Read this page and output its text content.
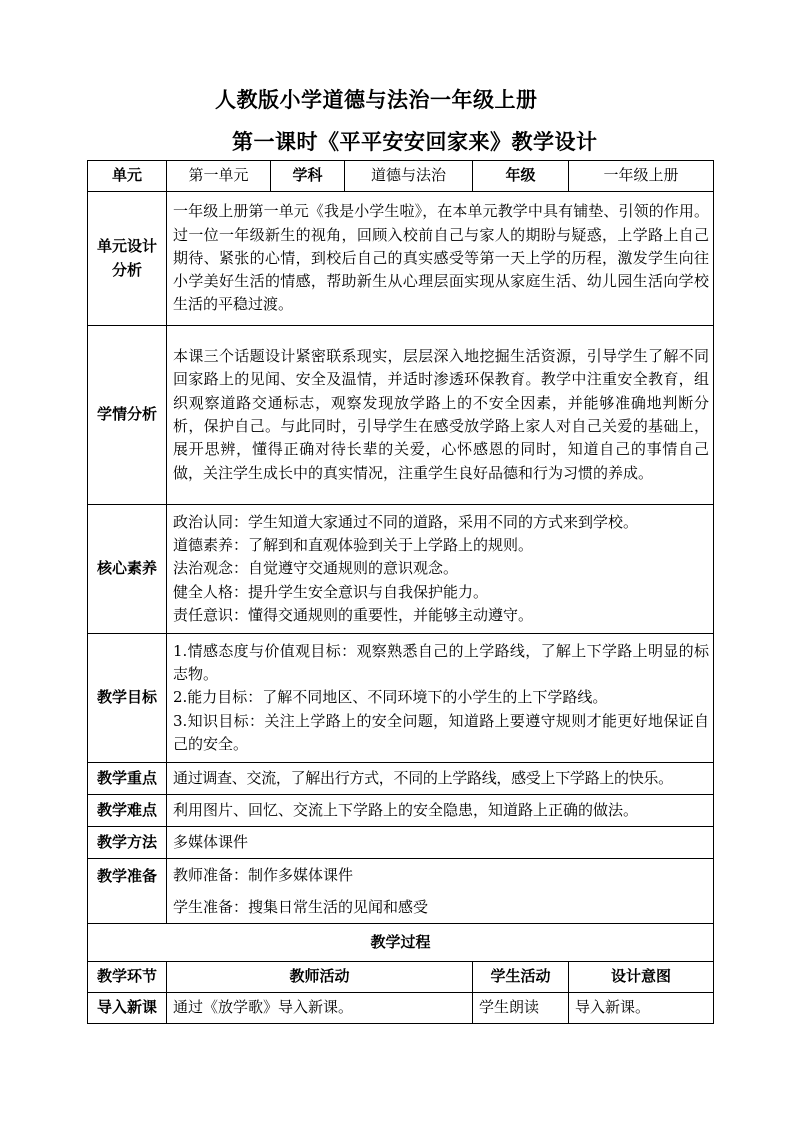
人教版小学道德与法治一年级上册
第一课时《平平安安回家来》教学设计
单元	第一单元	学科	道德与法治	年级	一年级上册

单元设计
分析	一年级上册第一单元《我是小学生啦》，在本单元教学中具有铺垫、引领的作用。过一位一年级新生的视角，回顾入校前自己与家人的期盼与疑惑，上学路上自己期待、紧张的心情，到校后自己的真实感受等第一天上学的历程，激发学生向往小学美好生活的情感，帮助新生从心理层面实现从家庭生活、幼儿园生活向学校生活的平稳过渡。				
学情分析	本课三个话题设计紧密联系现实，层层深入地挖掘生活资源，引导学生了解不同回家路上的见闻、安全及温情，并适时渗透环保教育。教学中注重安全教育，组织观察道路交通标志，观察发现放学路上的不安全因素，并能够准确地判断分析，保护自己。与此同时，引导学生在感受放学路上家人对自己关爱的基础上，展开思辨，懂得正确对待长辈的关爱，心怀感恩的同时，知道自己的事情自己做，关注学生成长中的真实情况，注重学生良好品德和行为习惯的养成。				
核心素养	政治认同：学生知道大家通过不同的道路，采用不同的方式来到学校。
道德素养：了解到和直观体验到关于上学路上的规则。
法治观念：自觉遵守交通规则的意识观念。
健全人格：提升学生安全意识与自我保护能力。
责任意识：懂得交通规则的重要性，并能够主动遵守。				

教学目标	1.情感态度与价值观目标：观察熟悉自己的上学路线，了解上下学路上明显的标志物。
2.能力目标：了解不同地区、不同环境下的小学生的上下学路线。
3.知识目标：关注上学路上的安全问题，知道路上要遵守规则才能更好地保证自己的安全。				

教学重点	通过调查、交流，了解出行方式，不同的上学路线，感受上下学路上的快乐。				
教学难点	利用图片、回忆、交流上下学路上的安全隐患，知道路上正确的做法。				
教学方法	多媒体课件				
教学准备	教师准备：制作多媒体课件
学生准备：搜集日常生活的见闻和感受				

教学过程					
教学环节	教师活动			学生活动	设计意图
导入新课	通过《放学歌》导入新课。			学生朗读	导入新课。
